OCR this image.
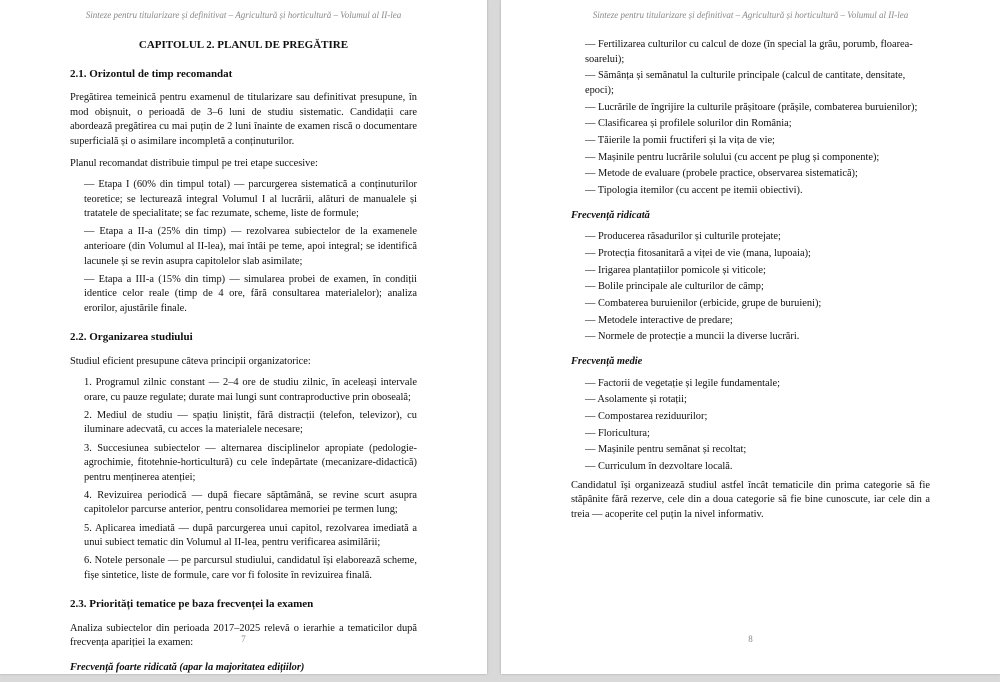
Sinteze pentru titularizare și definitivat – Agricultură și horticultură – Volumul al II-lea
CAPITOLUL 2. PLANUL DE PREGĂTIRE
2.1. Orizontul de timp recomandat

Pregătirea temeinică pentru examenul de titularizare sau definitivat presupune, în mod obișnuit, o perioadă de 3–6 luni de studiu sistematic. Candidații care abordează pregătirea cu mai puțin de 2 luni înainte de examen riscă o documentare superficială și o asimilare incompletă a conținuturilor.

Planul recomandat distribuie timpul pe trei etape succesive:

— Etapa I (60% din timpul total) — parcurgerea sistematică a conținuturilor teoretice; se lecturează integral Volumul I al lucrării, alături de manualele și tratatele de specialitate; se fac rezumate, scheme, liste de formule;
— Etapa a II-a (25% din timp) — rezolvarea subiectelor de la examenele anterioare (din Volumul al II-lea), mai întâi pe teme, apoi integral; se identifică lacunele și se revin asupra capitolelor slab asimilate;
— Etapa a III-a (15% din timp) — simularea probei de examen, în condiții identice celor reale (timp de 4 ore, fără consultarea materialelor); analiza erorilor, ajustările finale.
2.2. Organizarea studiului

Studiul eficient presupune câteva principii organizatorice:

1. Programul zilnic constant — 2–4 ore de studiu zilnic, în aceleași intervale orare, cu pauze regulate; durate mai lungi sunt contraproductive prin oboseală;
2. Mediul de studiu — spațiu liniștit, fără distracții (telefon, televizor), cu iluminare adecvată, cu acces la materialele necesare;
3. Succesiunea subiectelor — alternarea disciplinelor apropiate (pedologie-agrochimie, fitotehnie-horticultură) cu cele îndepărtate (mecanizare-didactică) pentru menținerea atenției;
4. Revizuirea periodică — după fiecare săptămână, se revine scurt asupra capitolelor parcurse anterior, pentru consolidarea memoriei pe termen lung;
5. Aplicarea imediată — după parcurgerea unui capitol, rezolvarea imediată a unui subiect tematic din Volumul al II-lea, pentru verificarea asimilării;
6. Notele personale — pe parcursul studiului, candidatul își elaborează scheme, fișe sintetice, liste de formule, care vor fi folosite în revizuirea finală.
2.3. Priorități tematice pe baza frecvenței la examen

Analiza subiectelor din perioada 2017–2025 relevă o ierarhie a tematicilor după frecvența apariției la examen:

Frecvență foarte ridicată (apar la majoritatea edițiilor)
7
Sinteze pentru titularizare și definitivat – Agricultură și horticultură – Volumul al II-lea
— Fertilizarea culturilor cu calcul de doze (în special la grâu, porumb, floarea-soarelui);
— Sămânța și semănatul la culturile principale (calcul de cantitate, densitate, epoci);
— Lucrările de îngrijire la culturile prășitoare (prășile, combaterea buruienilor);
— Clasificarea și profilele solurilor din România;
— Tăierile la pomii fructiferi și la vița de vie;
— Mașinile pentru lucrările solului (cu accent pe plug și componente);
— Metode de evaluare (probele practice, observarea sistematică);
— Tipologia itemilor (cu accent pe itemii obiectivi).
Frecvență ridicată
— Producerea răsadurilor și culturile protejate;
— Protecția fitosanitară a viței de vie (mana, lupoaia);
— Irigarea plantațiilor pomicole și viticole;
— Bolile principale ale culturilor de câmp;
— Combaterea buruienilor (erbicide, grupe de buruieni);
— Metodele interactive de predare;
— Normele de protecție a muncii la diverse lucrări.
Frecvență medie
— Factorii de vegetație și legile fundamentale;
— Asolamente și rotații;
— Compostarea reziduurilor;
— Floricultura;
— Mașinile pentru semănat și recoltat;
— Curriculum în dezvoltare locală.

Candidatul își organizează studiul astfel încât tematicile din prima categorie să fie stăpânite fără rezerve, cele din a doua categorie să fie bine cunoscute, iar cele din a treia — acoperite cel puțin la nivel informativ.

8
